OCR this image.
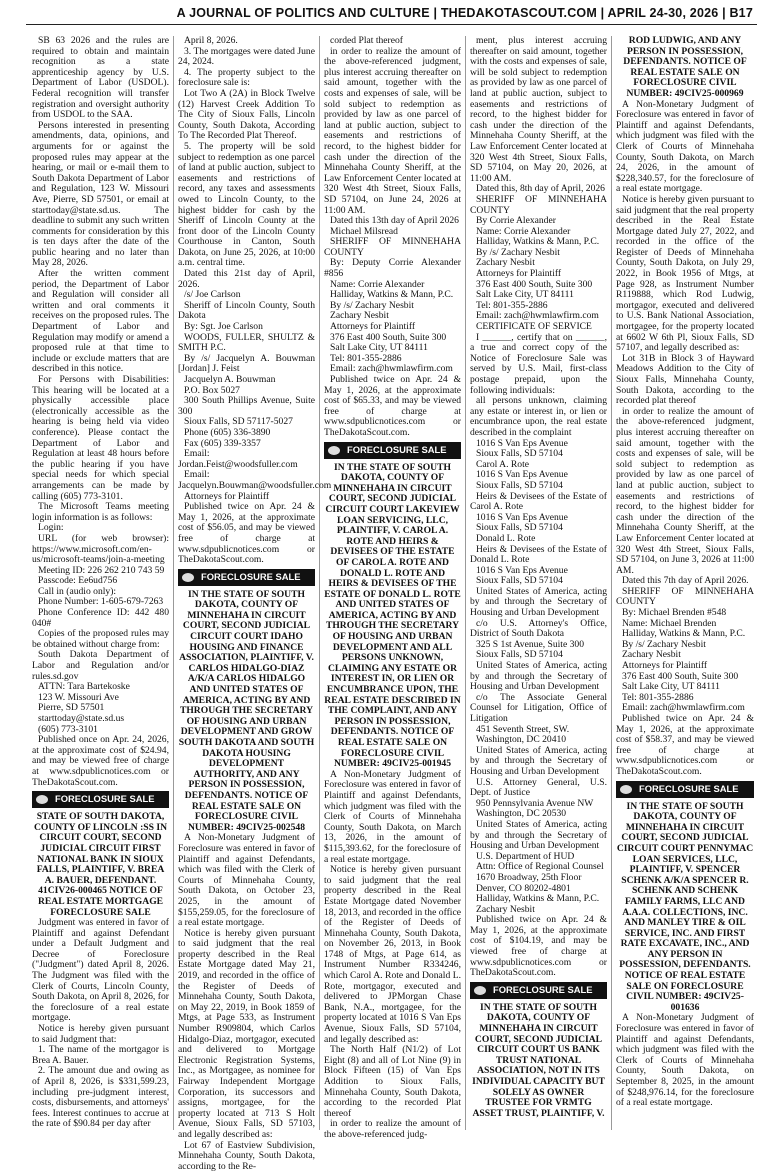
A JOURNAL OF POLITICS AND CULTURE | THEDAKOTASCOUT.COM | APRIL 24-30, 2026 | B17

SB 63 2026 and the rules are required to obtain and maintain recognition as a state apprenticeship agency by U.S. Department of Labor (USDOL). Federal recognition will transfer registration and oversight authority from USDOL to the SAA.

Persons interested in presenting amendments, data, opinions, and arguments for or against the proposed rules may appear at the hearing, or mail or e-mail them to South Dakota Department of Labor and Regulation, 123 W. Missouri Ave, Pierre, SD 57501, or email at starttoday@state.sd.us. The deadline to submit any such written comments for consideration by this is ten days after the date of the public hearing and no later than May 28, 2026.

After the written comment period, the Department of Labor and Regulation will consider all written and oral comments it receives on the proposed rules. The Department of Labor and Regulation may modify or amend a proposed rule at that time to include or exclude matters that are described in this notice.

For Persons with Disabilities: This hearing will be located at a physically accessible place (electronically accessible as the hearing is being held via video conference). Please contact the Department of Labor and Regulation at least 48 hours before the public hearing if you have special needs for which special arrangements can be made by calling (605) 773-3101.

The Microsoft Teams meeting login information is as follows:

Login:

URL (for web browser): https://www.microsoft.com/en-us/microsoft-teams/join-a-meeting

Meeting ID: 226 262 210 743 59

Passcode: Ee6ud756

Call in (audio only):

Phone Number: 1-605-679-7263

Phone Conference ID: 442 480 040#

Copies of the proposed rules may be obtained without charge from:

South Dakota Department of Labor and Regulation and/or rules.sd.gov

ATTN: Tara Bartekoske

123 W. Missouri Ave

Pierre, SD 57501

starttoday@state.sd.us

(605) 773-3101

Published once on Apr. 24, 2026, at the approximate cost of $24.94, and may be viewed free of charge at www.sdpublicnotices.com or TheDakotaScout.com.

FORECLOSURE SALE

STATE OF SOUTH DAKOTA, COUNTY OF LINCOLN :SS IN CIRCUIT COURT, SECOND JUDICIAL CIRCUIT FIRST NATIONAL BANK IN SIOUX FALLS, PLAINTIFF, V. BREA A. BAUER, DEFENDANT. 41CIV26-000465 NOTICE OF REAL ESTATE MORTGAGE FORECLOSURE SALE

Judgment was entered in favor of Plaintiff and against Defendant under a Default Judgment and Decree of Foreclosure ("Judgment") dated April 8, 2026. The Judgment was filed with the Clerk of Courts, Lincoln County, South Dakota, on April 8, 2026, for the foreclosure of a real estate mortgage.

Notice is hereby given pursuant to said Judgment that:

1. The name of the mortgagor is Brea A. Bauer.

2. The amount due and owing as of April 8, 2026, is $331,599.23, including pre-judgment interest, costs, disbursements, and attorneys' fees. Interest continues to accrue at the rate of $90.84 per day after

April 8, 2026.

3. The mortgages were dated June 24, 2024.

4. The property subject to the foreclosure sale is:

Lot Two A (2A) in Block Twelve (12) Harvest Creek Addition To The City of Sioux Falls, Lincoln County, South Dakota, According To The Recorded Plat Thereof.

5. The property will be sold subject to redemption as one parcel of land at public auction, subject to easements and restrictions of record, any taxes and assessments owed to Lincoln County, to the highest bidder for cash by the Sheriff of Lincoln County at the front door of the Lincoln County Courthouse in Canton, South Dakota, on June 25, 2026, at 10:00 a.m. central time.

Dated this 21st day of April, 2026.

/s/ Joe Carlson

Sheriff of Lincoln County, South Dakota

By: Sgt. Joe Carlson

WOODS, FULLER, SHULTZ & SMITH P.C.

By /s/ Jacquelyn A. Bouwman [Jordan] J. Feist

Jacquelyn A. Bouwman

P.O. Box 5027

300 South Phillips Avenue, Suite 300

Sioux Falls, SD 57117-5027

Phone (605) 336-3890

Fax (605) 339-3357

Email: Jordan.Feist@woodsfuller.com

Email: Jacquelyn.Bouwman@woodsfuller.com

Attorneys for Plaintiff

Published twice on Apr. 24 & May 1, 2026, at the approximate cost of $56.05, and may be viewed free of charge at www.sdpublicnotices.com or TheDakotaScout.com.

FORECLOSURE SALE

IN THE STATE OF SOUTH DAKOTA, COUNTY OF MINNEHAHA IN CIRCUIT COURT, SECOND JUDICIAL CIRCUIT COURT IDAHO HOUSING AND FINANCE ASSOCIATION, PLAINTIFF, V. CARLOS HIDALGO-DIAZ A/K/A CARLOS HIDALGO AND UNITED STATES OF AMERICA, ACTING BY AND THROUGH THE SECRETARY OF HOUSING AND URBAN DEVELOPMENT AND GROW SOUTH DAKOTA AND SOUTH DAKOTA HOUSING DEVELOPMENT AUTHORITY, AND ANY PERSON IN POSSESSION, DEFENDANTS. NOTICE OF REAL ESTATE SALE ON FORECLOSURE CIVIL NUMBER: 49CIV25-002548

A Non-Monetary Judgment of Foreclosure was entered in favor of Plaintiff and against Defendants, which was filed with the Clerk of Courts of Minnehaha County, South Dakota, on October 23, 2025, in the amount of $155,259.05, for the foreclosure of a real estate mortgage.

Notice is hereby given pursuant to said judgment that the real property described in the Real Estate Mortgage dated May 21, 2019, and recorded in the office of the Register of Deeds of Minnehaha County, South Dakota, on May 22, 2019, in Book 1859 of Mtgs, at Page 533, as Instrument Number R909804, which Carlos Hidalgo-Diaz, mortgagor, executed and delivered to Mortgage Electronic Registration Systems, Inc., as Mortgagee, as nominee for Fairway Independent Mortgage Corporation, its successors and assigns, mortgagee, for the property located at 713 S Holt Avenue, Sioux Falls, SD 57103, and legally described as:

Lot 67 of Eastview Subdivision, Minnehaha County, South Dakota, according to the Re-

corded Plat thereof

in order to realize the amount of the above-referenced judgment, plus interest accruing thereafter on said amount, together with the costs and expenses of sale, will be sold subject to redemption as provided by law as one parcel of land at public auction, subject to easements and restrictions of record, to the highest bidder for cash under the direction of the Minnehaha County Sheriff, at the Law Enforcement Center located at 320 West 4th Street, Sioux Falls, SD 57104, on June 24, 2026 at 11:00 AM.

Dated this 13th day of April 2026

Michael Milsread

SHERIFF OF MINNEHAHA COUNTY

By: Deputy Corrie Alexander #856

Name: Corrie Alexander

Halliday, Watkins & Mann, P.C.

By /s/ Zachary Nesbit

Zachary Nesbit

Attorneys for Plaintiff

376 East 400 South, Suite 300

Salt Lake City, UT 84111

Tel: 801-355-2886

Email: zach@hwmlawfirm.com

Published twice on Apr. 24 & May 1, 2026, at the approximate cost of $65.33, and may be viewed free of charge at www.sdpublicnotices.com or TheDakotaScout.com.

FORECLOSURE SALE

IN THE STATE OF SOUTH DAKOTA, COUNTY OF MINNEHAHA IN CIRCUIT COURT, SECOND JUDICIAL CIRCUIT COURT LAKEVIEW LOAN SERVICING, LLC, PLAINTIFF, V. CAROL A. ROTE AND HEIRS & DEVISEES OF THE ESTATE OF CAROL A. ROTE AND DONALD L. ROTE AND HEIRS & DEVISEES OF THE ESTATE OF DONALD L. ROTE AND UNITED STATES OF AMERICA, ACTING BY AND THROUGH THE SECRETARY OF HOUSING AND URBAN DEVELOPMENT AND ALL PERSONS UNKNOWN, CLAIMING ANY ESTATE OR INTEREST IN, OR LIEN OR ENCUMBRANCE UPON, THE REAL ESTATE DESCRIBED IN THE COMPLAINT, AND ANY PERSON IN POSSESSION, DEFENDANTS. NOTICE OF REAL ESTATE SALE ON FORECLOSURE CIVIL NUMBER: 49CIV25-001945

A Non-Monetary Judgment of Foreclosure was entered in favor of Plaintiff and against Defendants, which judgment was filed with the Clerk of Courts of Minnehaha County, South Dakota, on March 13, 2026, in the amount of $115,393.62, for the foreclosure of a real estate mortgage.

Notice is hereby given pursuant to said judgment that the real property described in the Real Estate Mortgage dated November 18, 2013, and recorded in the office of the Register of Deeds of Minnehaha County, South Dakota, on November 26, 2013, in Book 1748 of Mtgs, at Page 614, as Instrument Number R334246, which Carol A. Rote and Donald L. Rote, mortgagor, executed and delivered to JPMorgan Chase Bank, N.A., mortgagee, for the property located at 1016 S Van Eps Avenue, Sioux Falls, SD 57104, and legally described as:

The North Half (N1/2) of Lot Eight (8) and all of Lot Nine (9) in Block Fifteen (15) of Van Eps Addition to Sioux Falls, Minnehaha County, South Dakota, according to the recorded Plat thereof

in order to realize the amount of the above-referenced judg-

ment, plus interest accruing thereafter on said amount, together with the costs and expenses of sale, will be sold subject to redemption as provided by law as one parcel of land at public auction, subject to easements and restrictions of record, to the highest bidder for cash under the direction of the Minnehaha County Sheriff, at the Law Enforcement Center located at 320 West 4th Street, Sioux Falls, SD 57104, on May 20, 2026, at 11:00 AM.

Dated this, 8th day of April, 2026

SHERIFF OF MINNEHAHA COUNTY

By Corrie Alexander

Name: Corrie Alexander

Halliday, Watkins & Mann, P.C.

By /s/ Zachary Nesbit

Zachary Nesbit

Attorneys for Plaintiff

376 East 400 South, Suite 300

Salt Lake City, UT 84111

Tel: 801-355-2886

Email: zach@hwmlawfirm.com

CERTIFICATE OF SERVICE

I ______, certify that on ______, a true and correct copy of the Notice of Foreclosure Sale was served by U.S. Mail, first-class postage prepaid, upon the following individuals:

all persons unknown, claiming any estate or interest in, or lien or encumbrance upon, the real estate described in the complaint

1016 S Van Eps Avenue

Sioux Falls, SD 57104

Carol A. Rote

1016 S Van Eps Avenue

Sioux Falls, SD 57104

Heirs & Devisees of the Estate of Carol A. Rote

1016 S Van Eps Avenue

Sioux Falls, SD 57104

Donald L. Rote

Heirs & Devisees of the Estate of Donald L. Rote

1016 S Van Eps Avenue

Sioux Falls, SD 57104

United States of America, acting by and through the Secretary of Housing and Urban Development

c/o U.S. Attorney's Office, District of South Dakota

325 S 1st Avenue, Suite 300

Sioux Falls, SD 57104

United States of America, acting by and through the Secretary of Housing and Urban Development

c/o The Associate General Counsel for Litigation, Office of Litigation

451 Seventh Street, SW.

Washington, DC 20410

United States of America, acting by and through the Secretary of Housing and Urban Development

U.S. Attorney General, U.S. Dept. of Justice

950 Pennsylvania Avenue NW

Washington, DC 20530

United States of America, acting by and through the Secretary of Housing and Urban Development

U.S. Department of HUD

Attn: Office of Regional Counsel

1670 Broadway, 25th Floor

Denver, CO 80202-4801

Halliday, Watkins & Mann, P.C.

Zachary Nesbit

Published twice on Apr. 24 & May 1, 2026, at the approximate cost of $104.19, and may be viewed free of charge at www.sdpublicnotices.com or TheDakotaScout.com.

FORECLOSURE SALE

IN THE STATE OF SOUTH DAKOTA, COUNTY OF MINNEHAHA IN CIRCUIT COURT, SECOND JUDICIAL CIRCUIT COURT US BANK TRUST NATIONAL ASSOCIATION, NOT IN ITS INDIVIDUAL CAPACITY BUT SOLELY AS OWNER TRUSTEE FOR VRMTG ASSET TRUST, PLAINTIFF, V.

ROD LUDWIG, AND ANY PERSON IN POSSESSION, DEFENDANTS. NOTICE OF REAL ESTATE SALE ON FORECLOSURE CIVIL NUMBER: 49CIV25-000969

A Non-Monetary Judgment of Foreclosure was entered in favor of Plaintiff and against Defendants, which judgment was filed with the Clerk of Courts of Minnehaha County, South Dakota, on March 24, 2026, in the amount of $228,340.57, for the foreclosure of a real estate mortgage.

Notice is hereby given pursuant to said judgment that the real property described in the Real Estate Mortgage dated July 27, 2022, and recorded in the office of the Register of Deeds of Minnehaha County, South Dakota, on July 29, 2022, in Book 1956 of Mtgs, at Page 928, as Instrument Number R119888, which Rod Ludwig, mortgagor, executed and delivered to U.S. Bank National Association, mortgagee, for the property located at 6602 W 6th Pl, Sioux Falls, SD 57107, and legally described as:

Lot 31B in Block 3 of Hayward Meadows Addition to the City of Sioux Falls, Minnehaha County, South Dakota, according to the recorded plat thereof

in order to realize the amount of the above-referenced judgment, plus interest accruing thereafter on said amount, together with the costs and expenses of sale, will be sold subject to redemption as provided by law as one parcel of land at public auction, subject to easements and restrictions of record, to the highest bidder for cash under the direction of the Minnehaha County Sheriff, at the Law Enforcement Center located at 320 West 4th Street, Sioux Falls, SD 57104, on June 3, 2026 at 11:00 AM.

Dated this 7th day of April 2026.

SHERIFF OF MINNEHAHA COUNTY

By: Michael Brenden #548

Name: Michael Brenden

Halliday, Watkins & Mann, P.C.

By /s/ Zachary Nesbit

Zachary Nesbit

Attorneys for Plaintiff

376 East 400 South, Suite 300

Salt Lake City, UT 84111

Tel: 801-355-2886

Email: zach@hwmlawfirm.com

Published twice on Apr. 24 & May 1, 2026, at the approximate cost of $58.37, and may be viewed free of charge at www.sdpublicnotices.com or TheDakotaScout.com.

FORECLOSURE SALE

IN THE STATE OF SOUTH DAKOTA, COUNTY OF MINNEHAHA IN CIRCUIT COURT, SECOND JUDICIAL CIRCUIT COURT PENNYMAC LOAN SERVICES, LLC, PLAINTIFF, V. SPENCER SCHENK A/K/A SPENCER R. SCHENK AND SCHENK FAMILY FARMS, LLC AND A.A.A. COLLECTIONS, INC. AND MANLEY TIRE & OIL SERVICE, INC. AND FIRST RATE EXCAVATE, INC., AND ANY PERSON IN POSSESSION, DEFENDANTS. NOTICE OF REAL ESTATE SALE ON FORECLOSURE CIVIL NUMBER: 49CIV25-001636

A Non-Monetary Judgment of Foreclosure was entered in favor of Plaintiff and against Defendants, which judgment was filed with the Clerk of Courts of Minnehaha County, South Dakota, on September 8, 2025, in the amount of $248,976.14, for the foreclosure of a real estate mortgage.
